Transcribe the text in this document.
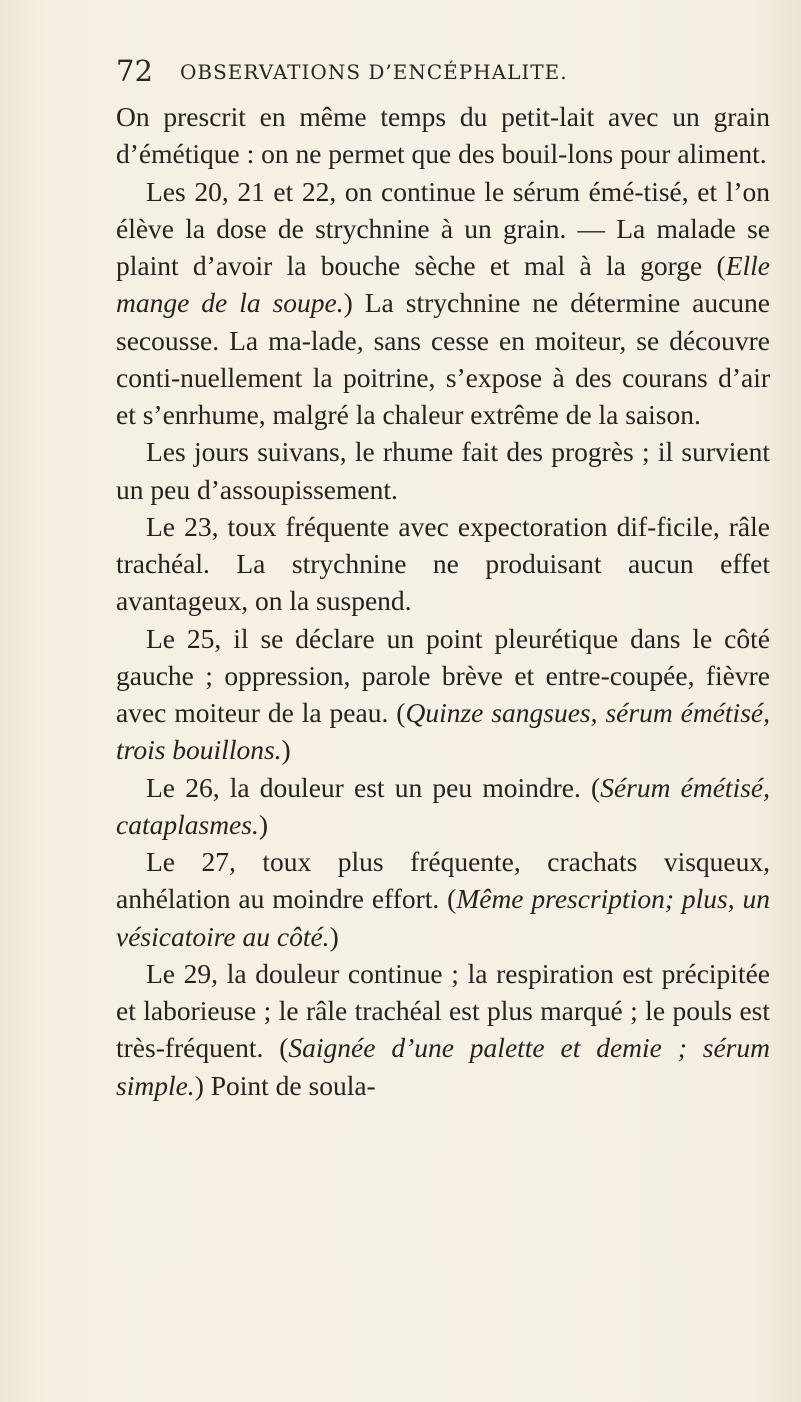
72 OBSERVATIONS D’ENCÉPHALITE.

On prescrit en même temps du petit-lait avec un grain d’émétique : on ne permet que des bouil-lons pour aliment.

Les 20, 21 et 22, on continue le sérum émé-tisé, et l’on élève la dose de strychnine à un grain. — La malade se plaint d’avoir la bouche sèche et mal à la gorge (Elle mange de la soupe.) La strychnine ne détermine aucune secousse. La ma-lade, sans cesse en moiteur, se découvre conti-nuellement la poitrine, s’expose à des courans d’air et s’enrhume, malgré la chaleur extrême de la saison.

Les jours suivans, le rhume fait des progrès ; il survient un peu d’assoupissement.

Le 23, toux fréquente avec expectoration dif-ficile, râle trachéal. La strychnine ne produisant aucun effet avantageux, on la suspend.

Le 25, il se déclare un point pleurétique dans le côté gauche ; oppression, parole brève et entre-coupée, fièvre avec moiteur de la peau. (Quinze sangsues, sérum émétisé, trois bouillons.)

Le 26, la douleur est un peu moindre. (Sérum émétisé, cataplasmes.)

Le 27, toux plus fréquente, crachats visqueux, anhélation au moindre effort. (Même prescription; plus, un vésicatoire au côté.)

Le 29, la douleur continue ; la respiration est précipitée et laborieuse ; le râle trachéal est plus marqué ; le pouls est très-fréquent. (Saignée d’une palette et demie ; sérum simple.) Point de soula-
